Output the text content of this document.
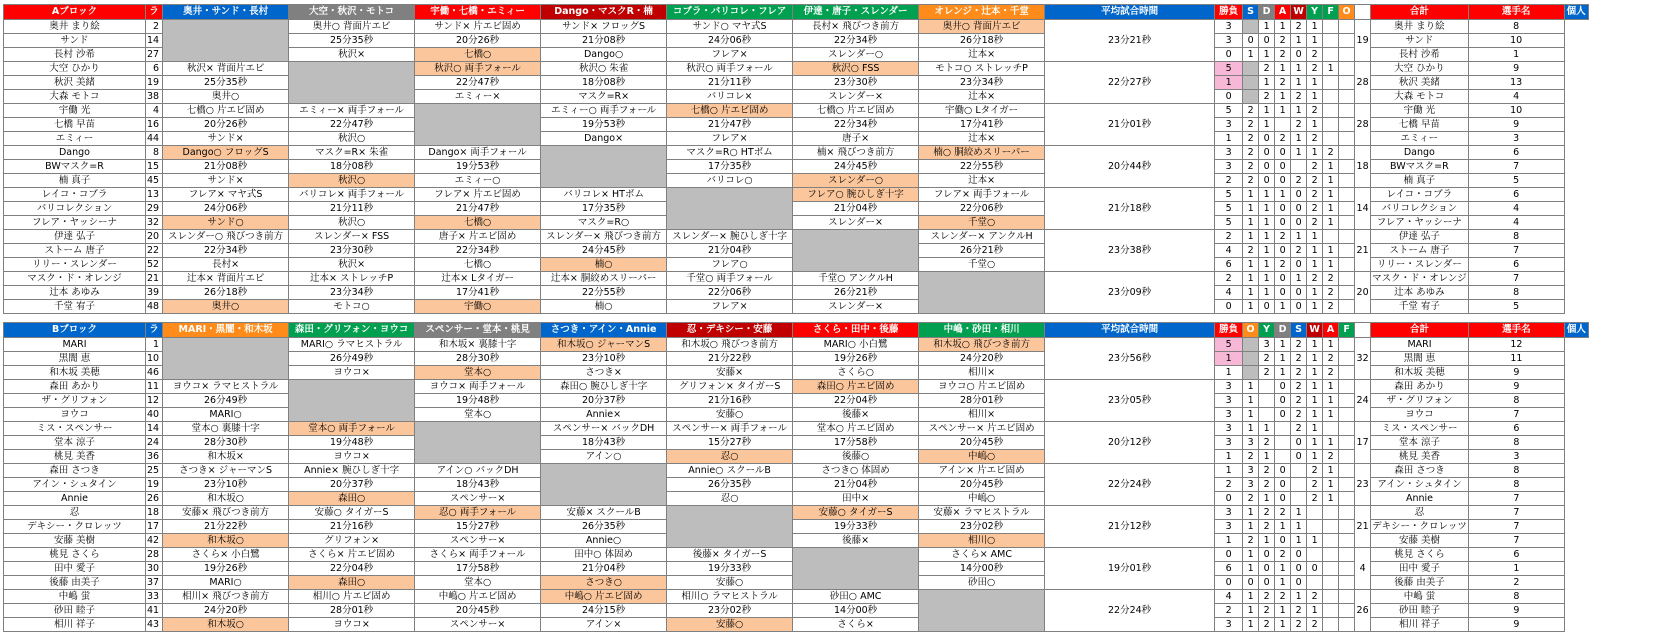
Aブロック	ラ	奥井・サンド・長村	大空・秋沢・モトコ	宇働・七橋・エミィー	Dango・マスクR・楠	コブラ・バリコレ・フレア	伊達・唐子・スレンダー	オレンジ・辻本・千堂	平均試合時間	勝負	S	D	A	W	Y	F	O		合計	選手名	個人
奥井 まり絵	2		奥井○ 背面片エビ	サンド× 片エビ固め	サンド× フロッグS	サンド○ マヤ式S	長村× 飛びつき前方	奥井○ 背面片エビ	23分21秒	3		1	1	2	1			19	奥井 まり絵	8	
サンド	14		25分35秒	20分26秒	21分08秒	24分06秒	22分34秒	26分18秒		3	0	0	2	1	1				サンド	10	
長村 沙希	27		秋沢×	七橋○	Dango○	フレア×	スレンダー○	辻本×		0	1	1	2	0	2				長村 沙希	1	
大空 ひかり	6	秋沢× 背面片エビ		秋沢○ 両手フォール	秋沢○ 朱雀	秋沢○ 両手フォール	秋沢○ FSS	モトコ○ ストレッチP	22分27秒	5		2	1	1	2	1		28	大空 ひかり	9	
秋沢 美緒	19	25分35秒		22分47秒	18分08秒	21分11秒	23分30秒	23分34秒		1		1	2	1	1				秋沢 美緒	13	
大森 モトコ	38	奥井○		エミィー×	マスク=R×	バリコレ×	スレンダー×	辻本×		0		2	1	2	1				大森 モトコ	4	
宇働 光	4	七橋○ 片エビ固め	エミィー× 両手フォール		エミィー○ 両手フォール	七橋○ 片エビ固め	七橋○ 片エビ固め	宇働○ Lタイガー	21分01秒	5	2	1	1	1	2			28	宇働 光	10	
七橋 早苗	16	20分26秒	22分47秒		19分53秒	21分47秒	22分34秒	17分41秒		3	2	1		2	1				七橋 早苗	9	
エミィー	44	サンド×	秋沢○		Dango×	フレア×	唐子×	辻本×		1	2	0	2	1	2				エミィー	3	
Dango	8	Dango○ フロッグS	マスク=R× 朱雀	Dango× 両手フォール		マスク=R○ HTボム	楠× 飛びつき前方	楠○ 胴絞めスリーパー	20分44秒	3	2	0	0	1	1	2		18	Dango	6	
BWマスク=R	15	21分08秒	18分08秒	19分53秒		17分35秒	24分45秒	22分55秒		3	2	0	0		2	1			BWマスク=R	7	
楠 真子	45	サンド×	秋沢○	エミィー○		バリコレ○	スレンダー○	辻本×		2	2	0	0	2	2	1			楠 真子	5	
レイコ・コブラ	13	フレア× マヤ式S	バリコレ× 両手フォール	フレア× 片エビ固め	バリコレ× HTボム		フレア○ 腕ひしぎ十字	フレア× 両手フォール	21分18秒	5	1	1	1	0	2	1		14	レイコ・コブラ	6	
バリコレクション	29	24分06秒	21分11秒	21分47秒	17分35秒		21分04秒	22分06秒		5	1	1	0	0	2	1			バリコレクション	4	
フレア・ヤッシーナ	32	サンド○	秋沢○	七橋○	マスク=R○		スレンダー×	千堂○		5	1	1	0	0	2	1			フレア・ヤッシーナ	4	
伊達 弘子	20	スレンダー○ 飛びつき前方	スレンダー× FSS	唐子× 片エビ固め	スレンダー× 飛びつき前方	スレンダー× 腕ひしぎ十字		スレンダー× アンクルH	23分38秒	2	1	1	2	1	1			21	伊達 弘子	8	
ストーム 唐子	22	22分34秒	23分30秒	22分34秒	24分45秒	21分04秒		26分21秒		4	2	1	0	2	1	1			ストーム 唐子	7	
リリー・スレンダー	52	長村×	秋沢×	七橋○	楠○	フレア○		千堂○		6	1	1	2	0	1	1			リリー・スレンダー	6	
マスク・ド・オレンジ	21	辻本× 背面片エビ	辻本× ストレッチP	辻本× Lタイガー	辻本× 胴絞めスリーパー	千堂○ 両手フォール	千堂○ アンクルH		23分09秒	2	1	1	0	1	2	2		20	マスク・ド・オレンジ	7	
辻本 あゆみ	39	26分18秒	23分34秒	17分41秒	22分55秒	22分06秒	26分21秒			4	1	1	0	0	1	2			辻本 あゆみ	8	
千堂 宥子	48	奥井○	モトコ○	宇働○	楠○	フレア×	スレンダー×			0	1	0	1	0	1	2			千堂 宥子	5	
Bブロック	ラ	MARI・黒闇・和木坂	森田・グリフォン・ヨウコ	スペンサー・堂本・桃見	さつき・アイン・Annie	忍・デキシー・安藤	さくら・田中・後藤	中嶋・砂田・相川	平均試合時間	勝負	O	Y	D	S	W	A	F		合計	選手名	個人
MARI	1		MARI○ ラマヒストラル	和木坂× 裏膝十字	和木坂○ ジャーマンS	和木坂○ 飛びつき前方	MARI○ 小白鷺	和木坂○ 飛びつき前方	23分56秒	5		3	1	2	1	1		32	MARI	12	
黒闇 恵	10		26分49秒	28分30秒	23分10秒	21分22秒	19分26秒	24分20秒		1		2	1	2	1	2			黒闇 恵	11	
和木坂 美穂	46		ヨウコ×	堂本○	さつき×	安藤×	さくら○	相川×		1		2	1	2	1	2			和木坂 美穂	9	
森田 あかり	11	ヨウコ× ラマヒストラル		ヨウコ× 両手フォール	森田○ 腕ひしぎ十字	グリフォン× タイガーS	森田○ 片エビ固め	ヨウコ○ 片エビ固め	23分05秒	3	1		0	2	1	1		24	森田 あかり	9	
ザ・グリフォン	12	26分49秒		19分48秒	20分37秒	21分16秒	22分04秒	28分01秒		3	1		0	2	1	1			ザ・グリフォン	8	
ヨウコ	40	MARI○		堂本○	Annie×	安藤○	後藤×	相川×		3	1		0	2	1	1			ヨウコ	7	
ミス・スペンサー	14	堂本○ 裏膝十字	堂本○ 両手フォール		スペンサー× バックDH	スペンサー× 両手フォール	堂本○ 片エビ固め	スペンサー× 片エビ固め	20分12秒	3	1	1		2	1			17	ミス・スペンサー	6	
堂本 涼子	24	28分30秒	19分48秒		18分43秒	15分27秒	17分58秒	20分45秒		3	3	2		0	1	1			堂本 涼子	8	
桃見 美香	36	和木坂×	ヨウコ×		アイン○	忍○	後藤○	中嶋○		1	2	1		0	1	2			桃見 美香	3	
森田 さつき	25	さつき× ジャーマンS	Annie× 腕ひしぎ十字	アイン○ バックDH		Annie○ スクールB	さつき○ 体固め	アイン× 片エビ固め	22分24秒	1	3	2	0		2	1		23	森田 さつき	8	
アイン・シュタイン	19	23分10秒	20分37秒	18分43秒		26分35秒	21分04秒	20分45秒		2	3	2	0		2	1			アイン・シュタイン	8	
Annie	26	和木坂○	森田○	スペンサー×		忍○	田中×	中嶋○		0	2	1	0		2	1			Annie	7	
忍	18	安藤× 飛びつき前方	安藤○ タイガーS	忍○ 両手フォール	安藤× スクールB		安藤○ タイガーS	安藤× ラマヒストラル	21分12秒	3	1	2	2	1				21	忍	7	
デキシー・クロレッツ	17	21分22秒	21分16秒	15分27秒	26分35秒		19分33秒	23分02秒		3	1	2	1	1					デキシー・クロレッツ	7	
安藤 美樹	42	和木坂○	グリフォン×	スペンサー×	Annie○		後藤×	相川○		1	2	1	0	1	1				安藤 美樹	7	
桃見 さくら	28	さくら× 小白鷺	さくら× 片エビ固め	さくら× 両手フォール	田中○ 体固め	後藤× タイガーS		さくら× AMC	19分01秒	0	1	0	2	0				4	桃見 さくら	6	
田中 愛子	30	19分26秒	22分04秒	17分58秒	21分04秒	19分33秒		14分00秒		6	1	0	1	0	0				田中 愛子	1	
後藤 由美子	37	MARI○	森田○	堂本○	さつき○	安藤○		砂田○		0	0	0	1	0					後藤 由美子	2	
中嶋 蛍	33	相川× 飛びつき前方	相川○ 片エビ固め	中嶋○ 片エビ固め	中嶋○ 片エビ固め	相川○ ラマヒストラル	砂田○ AMC		22分24秒	4	1	2	2	1	2			26	中嶋 蛍	8	
砂田 睦子	41	24分20秒	28分01秒	20分45秒	24分15秒	23分02秒	14分00秒			2	1	2	1	2	1				砂田 睦子	9	
相川 祥子	43	和木坂○	ヨウコ×	スペンサー×	アイン×	安藤○	さくら×			3	1	2	1	2	2				相川 祥子	9	
